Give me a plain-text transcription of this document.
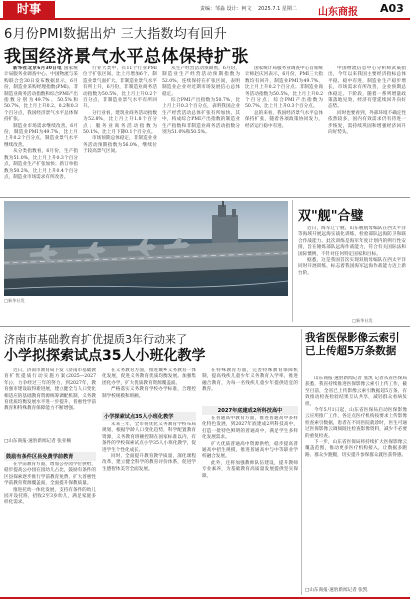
时事	责编：邹淼 设计：柯文 2025.7.1 星期二 山东商报 A03
6月份PMI数据出炉 三大指数均有回升
我国经济景气水平总体保持扩张

新华社北京6月30日电 国家统计局服务业调查中心、中国物流与采购联合会30日发布数据显示，6月份，制造业采购经理指数(PMI)、非制造业商务活动指数和综合PMI产出指数分别为49.7%、50.5%和50.7%，比上月上升0.2、0.2和0.3个百分点，我国经济景气水平总体保持扩张。

制造业市场需求继续改善。6月份，制造业PMI为49.7%，比上月上升0.2个百分点，制造业景气水平继续改善。

从分类指数看，6月份，生产指数为51.0%，比上月上升0.3个百分点，制造业生产扩张加快；新订单指数为50.2%，比上月上升0.4个百分点，制造业市场需求有所改善。

行业大类中，有11个行业PMI位于扩张区间，比上月增加6个，制造业景气面扩大。非制造业景气水平有所上升，6月份，非制造业商务活动指数为50.5%，比上月上升0.2个百分点，非制造业景气水平有所回升。

分行业看，建筑业商务活动指数为52.8%，比上月上升1.8个百分点；服务业商务活动指数为50.1%，比上月下降0.1个百分点。

市场预期总体稳定，非制造业业务活动预期指数为56.0%，继续位于较高景气区间。

从生产经营活动预期看，6月份，制造业生产经营活动预期指数为52.0%，连续保持在扩张区间，表明制造业企业对近期市场发展信心总体稳定。

综合PMI产出指数为50.7%，比上月上升0.3个百分点，表明我国企业生产经营活动总体扩张有所加快。其中，构成综合PMI产出指数的制造业生产指数和非制造业商务活动指数分别为51.0%和50.5%。

国家统计局服务业调查中心首席统计师赵庆河表示，6月份，PMI三大指数均有回升，制造业PMI为49.7%，比上月上升0.2个百分点；非制造业商务活动指数为50.5%，比上月上升0.2个百分点；综合PMI产出指数为50.7%，比上月上升0.3个百分点。

总的来看，我国经济景气水平总体保持扩张，随着各项政策协同发力，经济运行稳中有进。

中国物流信息中心分析师武威指出，今年以来我国主要经济指标总体平稳、稳中有进，制造业生产稳步增长，市场需求有所改善，企业预期总体稳定。下阶段，随着一系列增量政策落地见效，经济有望延续回升向好态势。

同时也要看到，外部环境不确定性依然较多，国内有效需求仍有待进一步恢复，需持续巩固和增强经济回升向好势头。

□新华社发
双"舰"合璧

近日，海军辽宁舰、山东舰航母编队在西太平洋等海域开展远海实战化训练，检验部队远海防卫和联合作战能力。此次训练是海军年度计划内的例行性安排，旨在锤炼部队远海作战能力，符合有关国际法和国际惯例，不针对任何特定国家和目标。

据悉，这是我国首次实现双航母编队在西太平洋同时开展训练，标志着我国海军远海作战能力迈上新台阶。

□新华社发
济南市基础教育扩优提质3年行动来了
小学拟探索试点35人小班化教学

近日，济南市教育局下发《济南市基础教育扩优提质行动实施方案(2025—2027年)》，力争经过三年的努力，到2027年，教育强市建设取得新进展，建立健全与人口变化相适应的基础教育资源统筹调配机制，义务教育优质均衡发展水平进一步提升，普惠性学前教育和特殊教育保障能力不断增强。

□山东商报·速豹新闻记者 张亚楠
鼓励有条件区县免费学前教育

在学前教育方面，增加公办园学位供给，稳步提高公办园在园幼儿占比，鼓励有条件的区县探索逐步推行学前教育免费，扩大普惠性学前教育资源覆盖面，全面提升保教质量。

推进托幼一体化发展，支持有条件的幼儿园开设托班，招收2至3岁幼儿，满足家庭多样化需求。

在义务教育方面，推进城乡义务教育一体化发展，促进义务教育优质均衡发展。加强集团化办学，扩大优质教育资源覆盖面。

严格落实义务教育学校办学标准，合理控制学校规模和班额。

小学探索试点35人小班化教学

未来三年，全市将优化义务教育学校布局规划，根据学龄人口变化趋势，科学配置教育资源，义务教育班额控制在国家标准以内，有条件的学校探索试点小学35人小班化教学，促进学生个性化成长。

同时，全面提升教育教学质量，深化课程改革，建立健全科学的教育评价体系，促进学生德智体美劳全面发展。

在特殊教育方面，完善特殊教育保障机制，提高残疾儿童少年义务教育入学率，推进融合教育，为每一名残疾儿童少年提供适宜的教育。

2027年底建成2所科技高中

在普通高中教育方面，推进普通高中多样化特色发展，到2027年底建成2所科技高中，打造一批特色鲜明的普通高中，满足学生多样化发展需求。

扩大优质普通高中资源供给，稳步提高普通高中招生规模，推进普通高中与中等职业学校融合发展。

此外，还将加强教师队伍建设，提升教师专业素养，为基础教育高质量发展提供坚实保障。

我省医保影像云索引已上传超5万条数据

山东商报·速豹新闻记者 张凯 记者从省医保局获悉，我省持续推进医保影像云索引上传工作，截至目前，全省已上传影像云索引数据超5万条，有效推动检查检验结果互认共享，减轻群众看病负担。

今年5月1日起，山东省医保局启动医保影像云应用推广工作，各定点医疗机构按要求上传影像检查索引数据，患者在不同医院就诊时，医生可通过医保影像云调阅既往检查影像资料，减少不必要的重复检查。

下一步，山东省医保局将持续扩大医保影像云覆盖范围，推动更多医疗机构接入，让数据多跑路、群众少跑腿，切实提升参保群众就医获得感。

□山东商报·速豹新闻记者 张凯
